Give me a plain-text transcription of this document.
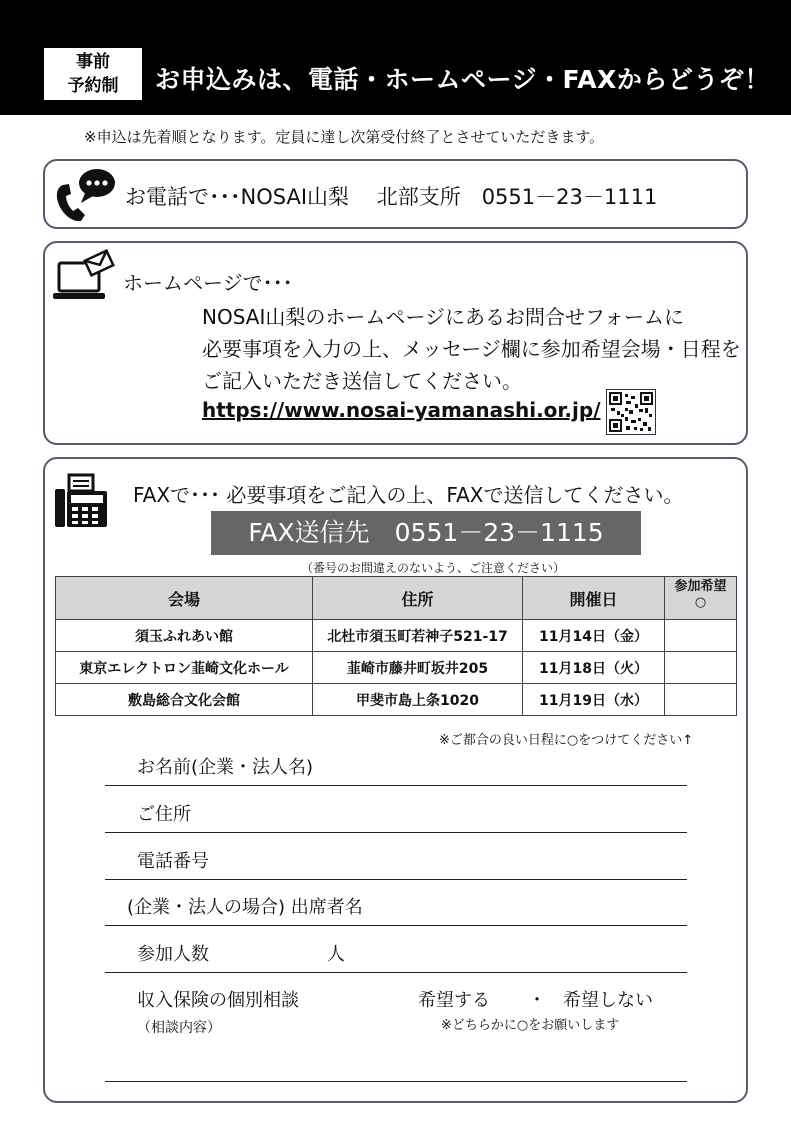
事前
予約制	お申込みは、電話・ホームページ・FAXからどうぞ！
※申込は先着順となります。定員に達し次第受付終了とさせていただきます。
お電話で･･･NOSAI山梨　 北部支所　0551－23－1111
ホームページで･･･
NOSAI山梨のホームページにあるお問合せフォームに
必要事項を入力の上、メッセージ欄に参加希望会場・日程を
ご記入いただき送信してください。
https://www.nosai-yamanashi.or.jp/
FAXで･･･ 必要事項をご記入の上、FAXで送信してください。
FAX送信先　0551－23－1115
（番号のお間違えのないよう、ご注意ください）
会場	住所	開催日	参加希望
○

須玉ふれあい館	北杜市須玉町若神子521-17	11月14日（金）	
東京エレクトロン韮崎文化ホール	韮崎市藤井町坂井205	11月18日（火）	
敷島総合文化会館	甲斐市島上条1020	11月19日（水）	
※ご都合の良い日程に○をつけてください↑
お名前(企業・法人名)
ご住所
電話番号
(企業・法人の場合) 出席者名
参加人数	人
収入保険の個別相談
（相談内容）
希望する ・ 希望しない
※どちらかに○をお願いします
